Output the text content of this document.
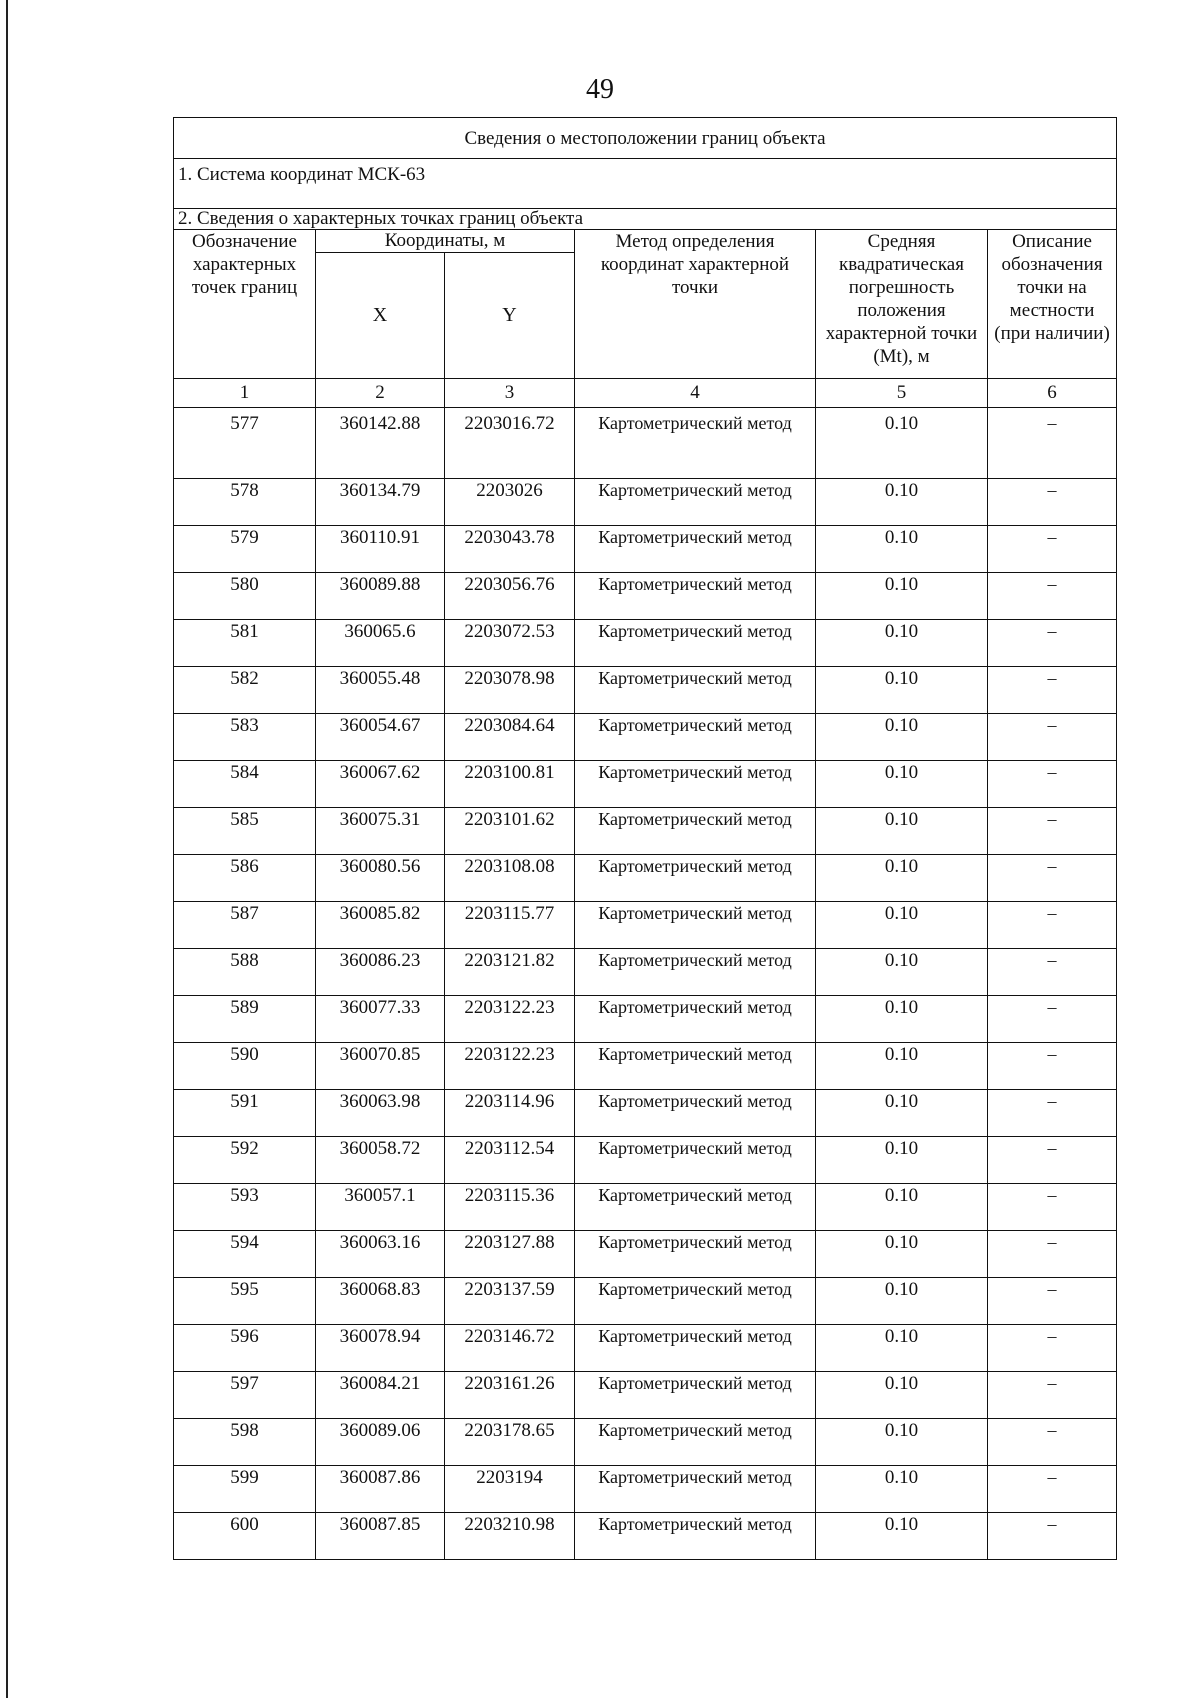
49
Сведения о местоположении границ объекта					
1. Система координат МСК-63					
2. Сведения о характерных точках границ объекта					
Обозначение характерных точек границ	Координаты, м		Метод определения координат характерной точки	Средняя квадратическая погрешность положения характерной точки (Mt), м	Описание обозначения точки на местности (при наличии)
	X	Y			
1	2	3	4	5	6
577	360142.88	2203016.72	Картометрический метод	0.10	–
578	360134.79	2203026	Картометрический метод	0.10	–
579	360110.91	2203043.78	Картометрический метод	0.10	–
580	360089.88	2203056.76	Картометрический метод	0.10	–
581	360065.6	2203072.53	Картометрический метод	0.10	–
582	360055.48	2203078.98	Картометрический метод	0.10	–
583	360054.67	2203084.64	Картометрический метод	0.10	–
584	360067.62	2203100.81	Картометрический метод	0.10	–
585	360075.31	2203101.62	Картометрический метод	0.10	–
586	360080.56	2203108.08	Картометрический метод	0.10	–
587	360085.82	2203115.77	Картометрический метод	0.10	–
588	360086.23	2203121.82	Картометрический метод	0.10	–
589	360077.33	2203122.23	Картометрический метод	0.10	–
590	360070.85	2203122.23	Картометрический метод	0.10	–
591	360063.98	2203114.96	Картометрический метод	0.10	–
592	360058.72	2203112.54	Картометрический метод	0.10	–
593	360057.1	2203115.36	Картометрический метод	0.10	–
594	360063.16	2203127.88	Картометрический метод	0.10	–
595	360068.83	2203137.59	Картометрический метод	0.10	–
596	360078.94	2203146.72	Картометрический метод	0.10	–
597	360084.21	2203161.26	Картометрический метод	0.10	–
598	360089.06	2203178.65	Картометрический метод	0.10	–
599	360087.86	2203194	Картометрический метод	0.10	–
600	360087.85	2203210.98	Картометрический метод	0.10	–
